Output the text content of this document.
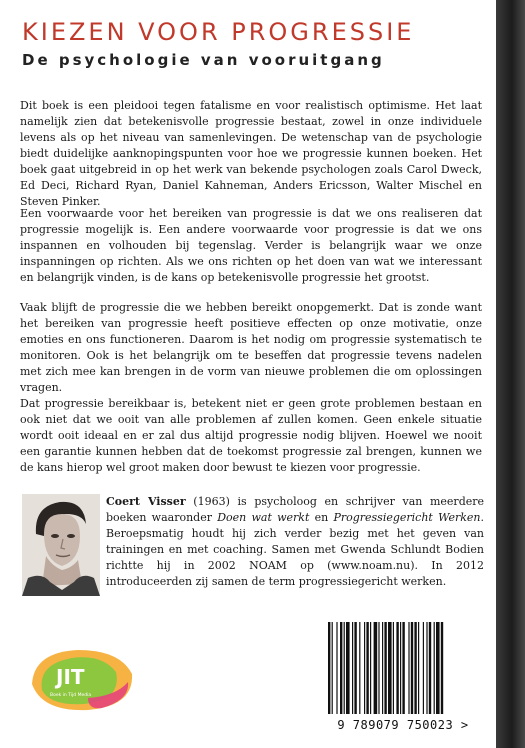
KIEZEN VOOR PROGRESSIE
De psychologie van vooruitgang

Dit boek is een pleidooi tegen fatalisme en voor realistisch optimisme. Het laat namelijk zien dat betekenisvolle progressie bestaat, zowel in onze individuele levens als op het niveau van samenlevingen. De wetenschap van de psychologie biedt duidelijke aanknopingspunten voor hoe we progressie kunnen boeken. Het boek gaat uitgebreid in op het werk van bekende psychologen zoals Carol Dweck, Ed Deci, Richard Ryan, Daniel Kahneman, Anders Ericsson, Walter Mischel en Steven Pinker.

Een voorwaarde voor het bereiken van progressie is dat we ons realiseren dat progressie mogelijk is. Een andere voorwaarde voor progressie is dat we ons inspannen en volhouden bij tegenslag. Verder is belangrijk waar we onze inspanningen op richten. Als we ons richten op het doen van wat we interessant en belangrijk vinden, is de kans op betekenisvolle progressie het grootst.

Vaak blijft de progressie die we hebben bereikt onopgemerkt. Dat is zonde want het bereiken van progressie heeft positieve effecten op onze motivatie, onze emoties en ons functioneren. Daarom is het nodig om progressie systematisch te monitoren. Ook is het belangrijk om te beseffen dat progressie tevens nadelen met zich mee kan brengen in de vorm van nieuwe problemen die om oplossingen vragen.

Dat progressie bereikbaar is, betekent niet er geen grote problemen bestaan en ook niet dat we ooit van alle problemen af zullen komen. Geen enkele situatie wordt ooit ideaal en er zal dus altijd progressie nodig blijven. Hoewel we nooit een garantie kunnen hebben dat de toekomst progressie zal brengen, kunnen we de kans hierop wel groot maken door bewust te kiezen voor progressie.

Coert Visser (1963) is psycholoog en schrijver van meerdere boeken waaronder Doen wat werkt en Progressiegericht Werken. Beroepsmatig houdt hij zich verder bezig met het geven van trainingen en met coaching. Samen met Gwenda Schlundt Bodien richtte hij in 2002 NOAM op (www.noam.nu). In 2012 introduceerden zij samen de term progressiegericht werken.

JIT
Boek in Tijd Media
9 789079 750023 >
